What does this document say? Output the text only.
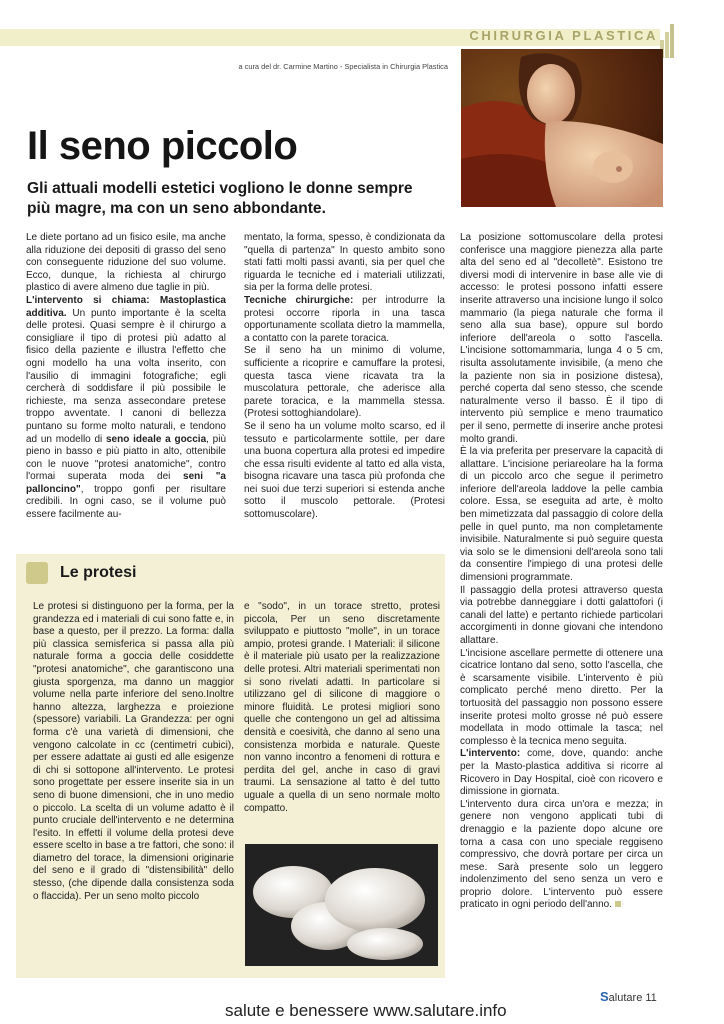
CHIRURGIA PLASTICA
a cura del dr. Carmine Martino - Specialista in Chirurgia Plastica
Il seno piccolo
Gli attuali modelli estetici vogliono le donne sempre più magre, ma con un seno abbondante.

Le diete portano ad un fisico esile, ma anche alla riduzione dei depositi di grasso del seno con conseguente riduzione del suo volume. Ecco, dunque, la richiesta al chirurgo plastico di avere almeno due taglie in più.

L'intervento si chiama: Mastoplastica additiva. Un punto importante è la scelta delle protesi. Quasi sempre è il chirurgo a consigliare il tipo di protesi più adatto al fisico della paziente e illustra l'effetto che ogni modello ha una volta inserito, con l'ausilio di immagini fotografiche; egli cercherà di soddisfare il più possibile le richieste, ma senza assecondare pretese troppo avventate. I canoni di bellezza puntano su forme molto naturali, e tendono ad un modello di seno ideale a goccia, più pieno in basso e più piatto in alto, ottenibile con le nuove "protesi anatomiche", contro l'ormai superata moda dei seni "a palloncino", troppo gonfi per risultare credibili. In ogni caso, se il volume può essere facilmente au-

mentato, la forma, spesso, è condizionata da "quella di partenza" In questo ambito sono stati fatti molti passi avanti, sia per quel che riguarda le tecniche ed i materiali utilizzati, sia per la forma delle protesi.

Tecniche chirurgiche: per introdurre la protesi occorre riporla in una tasca opportunamente scollata dietro la mammella, a contatto con la parete toracica.

Se il seno ha un minimo di volume, sufficiente a ricoprire e camuffare la protesi, questa tasca viene ricavata tra la muscolatura pettorale, che aderisce alla parete toracica, e la mammella stessa. (Protesi sottoghiandolare).

Se il seno ha un volume molto scarso, ed il tessuto e particolarmente sottile, per dare una buona copertura alla protesi ed impedire che essa risulti evidente al tatto ed alla vista, bisogna ricavare una tasca più profonda che nei suoi due terzi superiori si estenda anche sotto il muscolo pettorale. (Protesi sottomuscolare).

La posizione sottomuscolare della protesi conferisce una maggiore pienezza alla parte alta del seno ed al "decolletè". Esistono tre diversi modi di intervenire in base alle vie di accesso: le protesi possono infatti essere inserite attraverso una incisione lungo il solco mammario (la piega naturale che forma il seno alla sua base), oppure sul bordo inferiore dell'areola o sotto l'ascella. L'incisione sottomammaria, lunga 4 o 5 cm, risulta assolutamente invisibile, (a meno che la paziente non sia in posizione distesa), perché coperta dal seno stesso, che scende naturalmente verso il basso. È il tipo di intervento più semplice e meno traumatico per il seno, permette di inserire anche protesi molto grandi.

È la via preferita per preservare la capacità di allattare. L'incisione periareolare ha la forma di un piccolo arco che segue il perimetro inferiore dell'areola laddove la pelle cambia colore. Essa, se eseguita ad arte, è molto ben mimetizzata dal passaggio di colore della pelle in quel punto, ma non completamente invisibile. Naturalmente si può seguire questa via solo se le dimensioni dell'areola sono tali da consentire l'impiego di una protesi delle dimensioni programmate.

Il passaggio della protesi attraverso questa via potrebbe danneggiare i dotti galattofori (i canali del latte) e pertanto richiede particolari accorgimenti in donne giovani che intendono allattare.

L'incisione ascellare permette di ottenere una cicatrice lontano dal seno, sotto l'ascella, che è scarsamente visibile. L'intervento è più complicato perché meno diretto. Per la tortuosità del passaggio non possono essere inserite protesi molto grosse né può essere modellata in modo ottimale la tasca; nel complesso è la tecnica meno seguita.

L'intervento: come, dove, quando: anche per la Masto-plastica additiva si ricorre al Ricovero in Day Hospital, cioè con ricovero e dimissione in giornata.

L'intervento dura circa un'ora e mezza; in genere non vengono applicati tubi di drenaggio e la paziente dopo alcune ore torna a casa con uno speciale reggiseno compressivo, che dovrà portare per circa un mese. Sarà presente solo un leggero indolenzimento del seno senza un vero e proprio dolore. L'intervento può essere praticato in ogni periodo dell'anno.

Le protesi

Le protesi si distinguono per la forma, per la grandezza ed i materiali di cui sono fatte e, in base a questo, per il prezzo. La forma: dalla più classica semisferica si passa alla più naturale forma a goccia delle cosiddette "protesi anatomiche", che garantiscono una giusta sporgenza, ma danno un maggior volume nella parte inferiore del seno.Inoltre hanno altezza, larghezza e proiezione (spessore) variabili. La Grandezza: per ogni forma c'è una varietà di dimensioni, che vengono calcolate in cc (centimetri cubici), per essere adattate ai gusti ed alle esigenze di chi si sottopone all'intervento. Le protesi sono progettate per essere inserite sia in un seno di buone dimensioni, che in uno medio o piccolo. La scelta di un volume adatto è il punto cruciale dell'intervento e ne determina l'esito. In effetti il volume della protesi deve essere scelto in base a tre fattori, che sono: il diametro del torace, la dimensioni originarie del seno e il grado di "distensibilità" dello stesso, (che dipende dalla consistenza soda o flaccida). Per un seno molto piccolo

e "sodo", in un torace stretto, protesi piccola, Per un seno discretamente sviluppato e piuttosto "molle", in un torace ampio, protesi grande. I Materiali: il silicone è il materiale più usato per la realizzazione delle protesi. Altri materiali sperimentati non si sono rivelati adatti. In particolare si utilizzano gel di silicone di maggiore o minore fluidità. Le protesi migliori sono quelle che contengono un gel ad altissima densità e coesività, che danno al seno una consistenza morbida e naturale. Queste non vanno incontro a fenomeni di rottura e perdita del gel, anche in caso di gravi traumi. La sensazione al tatto è del tutto uguale a quella di un seno normale molto compatto.

Salutare 11
salute e benessere www.salutare.info
